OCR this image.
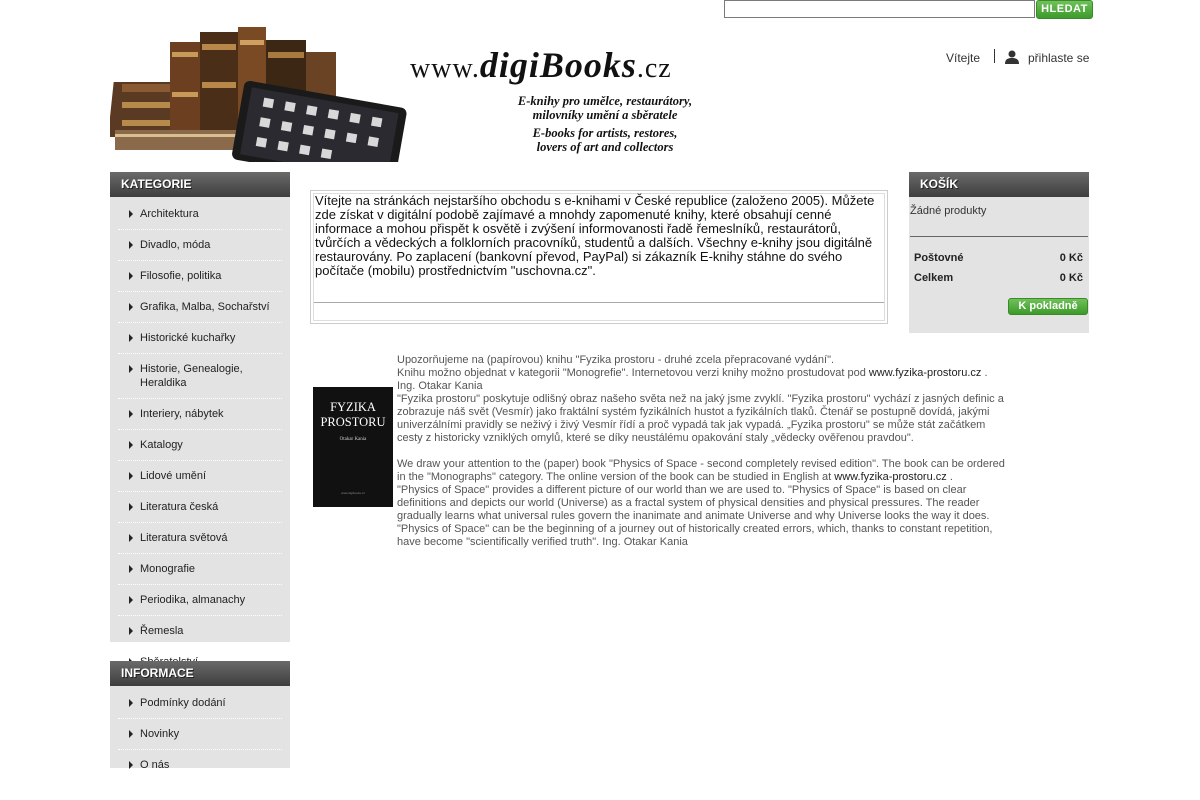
HLEDAT
www.digiBooks.cz
E-knihy pro umělce, restaurátory,
milovníky umění a sběratele
E-books for artists, restores,
lovers of art and collectors
Vítejte	přihlaste se
KATEGORIE
Architektura
Divadlo, móda
Filosofie, politika
Grafika, Malba, Sochařství
Historické kuchařky
Historie, Genealogie, Heraldika
Interiery, nábytek
Katalogy
Lidové umění
Literatura česká
Literatura světová
Monografie
Periodika, almanachy
Řemesla
INFORMACE
Podmínky dodání
Novinky
O nás
KOŠÍK
Žádné produkty
Poštovné	0 Kč
Celkem	0 Kč
K pokladně
Vítejte na stránkách nejstaršího obchodu s e-knihami v České republice (založeno 2005). Můžete zde získat v digitální podobě zajímavé a mnohdy zapomenuté knihy, které obsahují cenné informace a mohou přispět k osvětě i zvýšení informovanosti řadě řemeslníků, restaurátorů, tvůrčích a vědeckých a folklorních pracovníků, studentů a dalších. Všechny e-knihy jsou digitálně restaurovány. Po zaplacení (bankovní převod, PayPal) si zákazník E-knihy stáhne do svého počítače (mobilu) prostřednictvím "uschovna.cz".
FYZIKA
PROSTORU
Otakar Kania
www.digibooks.cz

Upozorňujeme na (papírovou) knihu "Fyzika prostoru - druhé zcela přepracované vydání".

Knihu možno objednat v kategorii "Monogrefie". Internetovou verzi knihy možno prostudovat pod www.fyzika-prostoru.cz .

Ing. Otakar Kania

"Fyzika prostoru" poskytuje odlišný obraz našeho světa než na jaký jsme zvyklí. "Fyzika prostoru" vychází z jasných definic a zobrazuje náš svět (Vesmír) jako fraktální systém fyzikálních hustot a fyzikálních tlaků. Čtenář se postupně dovídá, jakými univerzálními pravidly se neživý i živý Vesmír řídí a proč vypadá tak jak vypadá. „Fyzika prostoru" se může stát začátkem cesty z historicky vzniklých omylů, které se díky neustálému opakování staly „vědecky ověřenou pravdou".

We draw your attention to the (paper) book "Physics of Space - second completely revised edition". The book can be ordered in the "Monographs" category. The online version of the book can be studied in English at www.fyzika-prostoru.cz .

"Physics of Space" provides a different picture of our world than we are used to. "Physics of Space" is based on clear definitions and depicts our world (Universe) as a fractal system of physical densities and physical pressures. The reader gradually learns what universal rules govern the inanimate and animate Universe and why Universe looks the way it does. "Physics of Space" can be the beginning of a journey out of historically created errors, which, thanks to constant repetition, have become "scientifically verified truth". Ing. Otakar Kania
